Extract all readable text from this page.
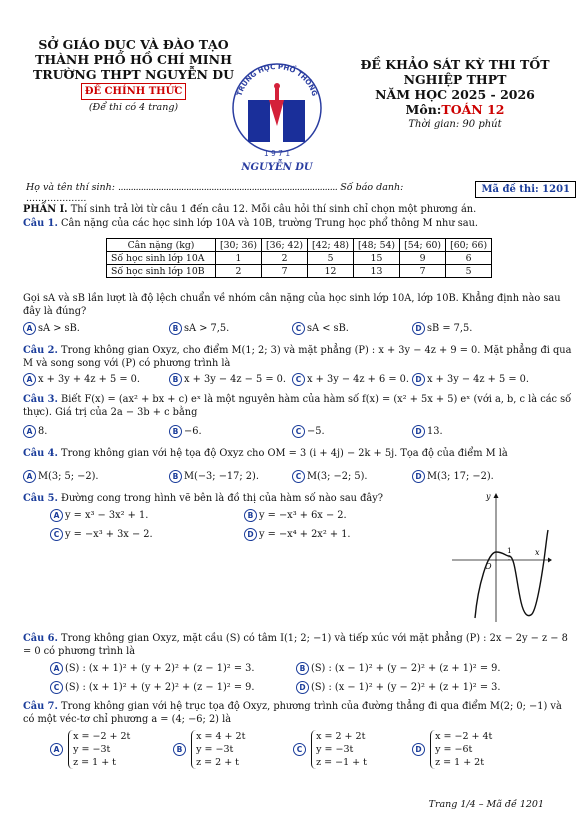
SỞ GIÁO DỤC VÀ ĐÀO TẠO
THÀNH PHỐ HỒ CHÍ MINH
TRƯỜNG THPT NGUYỄN DU
ĐỀ CHÍNH THỨC
(Để thi có 4 trang)
TRUNG HỌC PHỔ THÔNG
1 9 7 1
NGUYỄN DU
ĐỀ KHẢO SÁT KỲ THI TỐT NGHIỆP THPT
NĂM HỌC 2025 - 2026
Môn:TOÁN 12
Thời gian: 90 phút
Họ và tên thí sinh: ....................................................................................... Số báo danh: ....................
Mã đề thi: 1201
PHẦN I. Thí sinh trả lời từ câu 1 đến câu 12. Mỗi câu hỏi thí sinh chỉ chọn một phương án.
Câu 1. Cân nặng của các học sinh lớp 10A và 10B, trường Trung học phổ thông M như sau.
Cân nặng (kg)	[30; 36)	[36; 42)	[42; 48)	[48; 54)	[54; 60)	[60; 66)
Số học sinh lớp 10A	1	2	5	15	9	6
Số học sinh lớp 10B	2	7	12	13	7	5
Gọi sA và sB lần lượt là độ lệch chuẩn về nhóm cân nặng của học sinh lớp 10A, lớp 10B. Khẳng định nào sau đây là đúng?
A sA > sB.	B sA > 7,5.	C sA < sB.	D sB = 7,5.
Câu 2. Trong không gian Oxyz, cho điểm M(1; 2; 3) và mặt phẳng (P) : x + 3y − 4z + 9 = 0. Mặt phẳng đi qua M và song song với (P) có phương trình là
A x + 3y + 4z + 5 = 0.	B x + 3y − 4z − 5 = 0.	C x + 3y − 4z + 6 = 0. D x + 3y − 4z + 5 = 0.
Câu 3. Biết F(x) = (ax² + bx + c) eˣ là một nguyên hàm của hàm số f(x) = (x² + 5x + 5) eˣ (với a, b, c là các số thực). Giá trị của 2a − 3b + c bằng
A 8.	B −6.	C −5.	D 13.
Câu 4. Trong không gian với hệ tọa độ Oxyz cho OM = 3 (i + 4j) − 2k + 5j. Tọa độ của điểm M là
A M(3; 5; −2).	B M(−3; −17; 2).	C M(3; −2; 5).	D M(3; 17; −2).
Câu 5. Đường cong trong hình vẽ bên là đồ thị của hàm số nào sau đây?
A y = x³ − 3x² + 1.	B y = −x³ + 6x − 2.
C y = −x³ + 3x − 2.	D y = −x⁴ + 2x² + 1.
y
x
O
1
Câu 6. Trong không gian Oxyz, mặt cầu (S) có tâm I(1; 2; −1) và tiếp xúc với mặt phẳng (P) : 2x − 2y − z − 8 = 0 có phương trình là
A (S) : (x + 1)² + (y + 2)² + (z − 1)² = 3.	B (S) : (x − 1)² + (y − 2)² + (z + 1)² = 9.
C (S) : (x + 1)² + (y + 2)² + (z − 1)² = 9.	D (S) : (x − 1)² + (y − 2)² + (z + 1)² = 3.
Câu 7. Trong không gian với hệ trục tọa độ Oxyz, phương trình của đường thẳng đi qua điểm M(2; 0; −1) và có một véc-tơ chỉ phương a = (4; −6; 2) là
A
x = −2 + 2t
y = −3t
z = 1 + t
B
x = 4 + 2t
y = −3t
z = 2 + t
C
x = 2 + 2t
y = −3t
z = −1 + t
D
x = −2 + 4t
y = −6t
z = 1 + 2t
Trang 1/4 – Mã đề 1201
